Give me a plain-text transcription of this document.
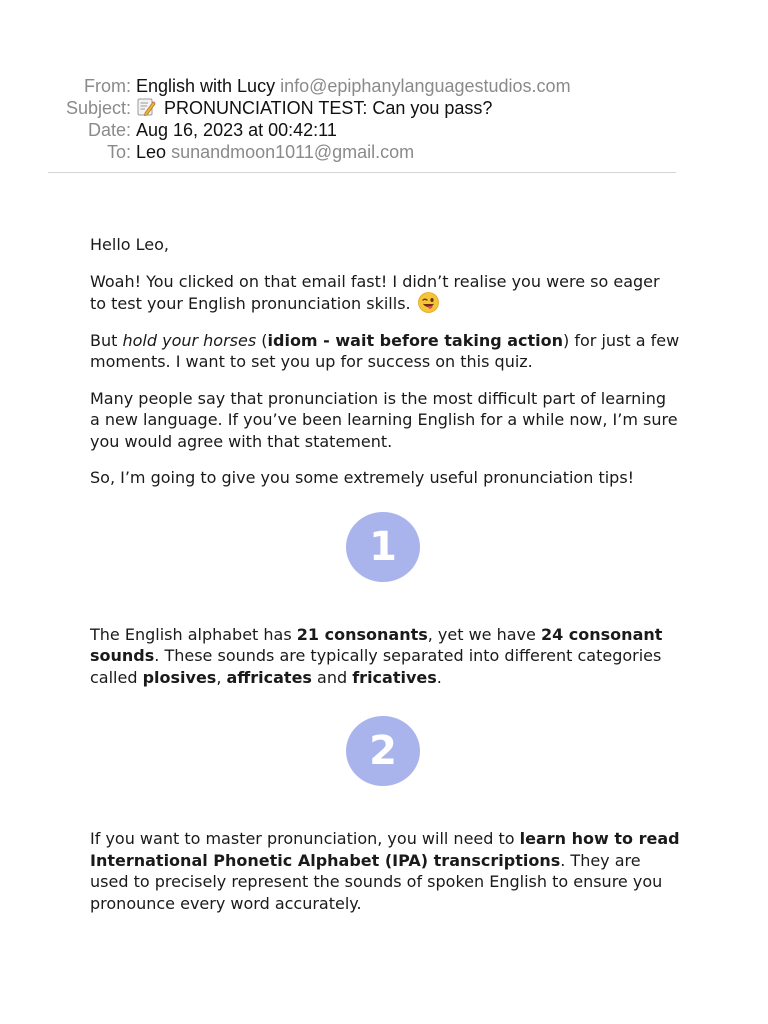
From: English with Lucy info@epiphanylanguagestudios.com
Subject:	PRONUNCIATION TEST: Can you pass?
Date: Aug 16, 2023 at 00:42:11
To: Leo sunandmoon1011@gmail.com

Hello Leo,

Woah! You clicked on that email fast! I didn’t realise you were so eager to test your English pronunciation skills.

But hold your horses (idiom - wait before taking action) for just a few moments. I want to set you up for success on this quiz.

Many people say that pronunciation is the most difficult part of learning a new language. If you’ve been learning English for a while now, I’m sure you would agree with that statement.

So, I’m going to give you some extremely useful pronunciation tips!

1

The English alphabet has 21 consonants, yet we have 24 consonant sounds. These sounds are typically separated into different categories called plosives, affricates and fricatives.

2

If you want to master pronunciation, you will need to learn how to read International Phonetic Alphabet (IPA) transcriptions. They are used to precisely represent the sounds of spoken English to ensure you pronounce every word accurately.
